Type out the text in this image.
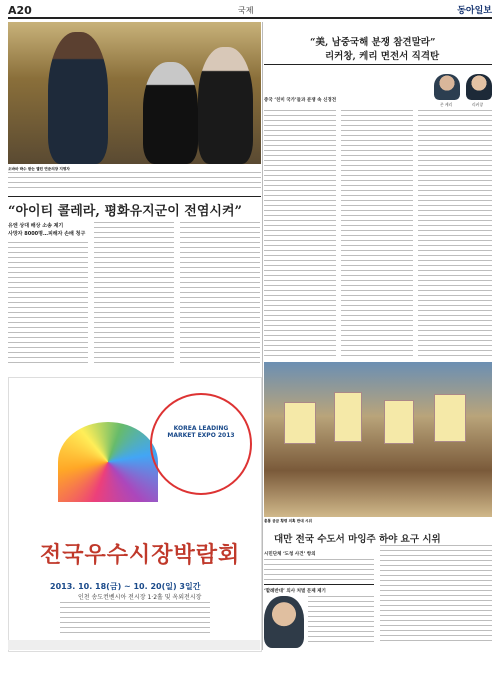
A20	국제	동아일보
오바마 박수 받는 옐런 연준의장 지명자
“아이티 콜레라, 평화유지군이 전염시켜”
유엔 상대 배상 소송 제기
사망자 8000명…피해자 손배 청구
KOREA LEADING MARKET EXPO 2013
전국우수시장박람회
2013. 10. 18(금) ~ 10. 20(일) 3일간
인천 송도컨벤시아 전시장 1·2홀 및 옥외전시장
“美, 남중국해 분쟁 참견말라”
리커창, 케리 면전서 직격탄
중국 ‘친미 국가’들과 분쟁 속 신경전
존 케리	리커창
총통 공금 횡령 의혹 반대 시위
대만 전국 수도서 마잉주 하야 요구 시위
시민단체 ‘도청 사건’ 항의
‘할례반대’ 의사 처벌 문제 제기
